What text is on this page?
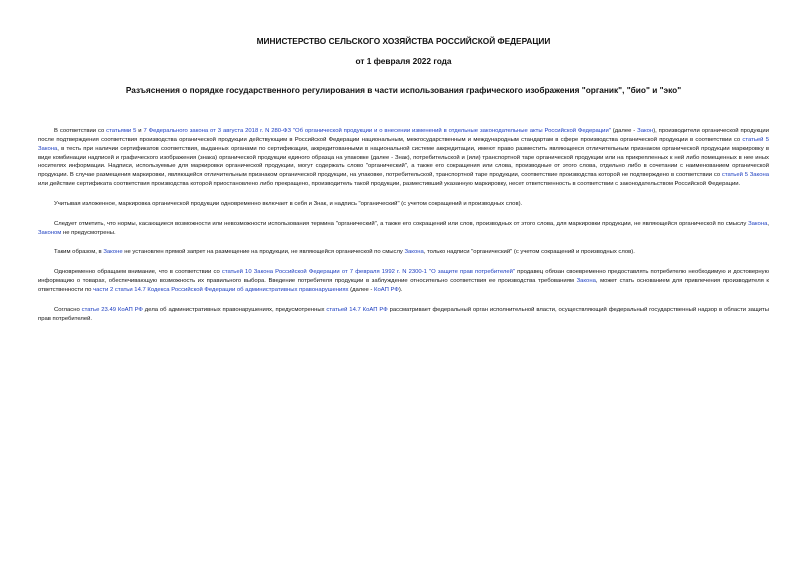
МИНИСТЕРСТВО СЕЛЬСКОГО ХОЗЯЙСТВА РОССИЙСКОЙ ФЕДЕРАЦИИ
от 1 февраля 2022 года
Разъяснения о порядке государственного регулирования в части использования графического изображения "органик", "био" и "эко"

В соответствии со статьями 5 и 7 Федерального закона от 3 августа 2018 г. N 280-ФЗ "Об органической продукции и о внесении изменений в отдельные законодательные акты Российской Федерации" (далее - Закон), производители органической продукции после подтверждения соответствия производства органической продукции действующим в Российской Федерации национальным, межгосударственным и международным стандартам в сфере производства органической продукции в соответствии со статьей 5 Закона, в тесть при наличии сертификатов соответствия, выданных органами по сертификации, аккредитованными в национальной системе аккредитации, имеют право разместить являющееся отличительным признаком органической продукции маркировку в виде комбинации надписей и графического изображения (знака) органической продукции единого образца на упаковке (далее - Знак), потребительской и (или) транспортной таре органической продукции или на прикрепленных к ней либо помещенных в нее иных носителях информации. Надписи, используемые для маркировки органической продукции, могут содержать слово "органический", а также его сокращения или слова, производные от этого слова, отдельно либо в сочетании с наименованием органической продукции. В случае размещения маркировки, являющейся отличительным признаком органической продукции, на упаковке, потребительской, транспортной таре продукции, соответствие производства которой не подтверждено в соответствии со статьей 5 Закона или действие сертификата соответствия производства которой приостановлено либо прекращено, производитель такой продукции, разместивший указанную маркировку, несет ответственность в соответствии с законодательством Российской Федерации.

Учитывая изложенное, маркировка органической продукции одновременно включает в себя и Знак, и надпись "органический" (с учетом сокращений и производных слов).

Следует отметить, что нормы, касающиеся возможности или невозможности использования термина "органический", а также его сокращений или слов, производных от этого слова, для маркировки продукции, не являющейся органической по смыслу Закона, Законом не предусмотрены.

Таким образом, в Законе не установлен прямой запрет на размещение на продукции, не являющейся органической по смыслу Закона, только надписи "органический" (с учетом сокращений и производных слов).

Одновременно обращаем внимание, что в соответствии со статьей 10 Закона Российской Федерации от 7 февраля 1992 г. N 2300-1 "О защите прав потребителей" продавец обязан своевременно предоставлять потребителю необходимую и достоверную информацию о товарах, обеспечивающую возможность их правильного выбора. Введение потребителя продукции в заблуждение относительно соответствия ее производства требованиям Закона, может стать основанием для привлечения производителя к ответственности по части 2 статьи 14.7 Кодекса Российской Федерации об административных правонарушениях (далее - КоАП РФ).

Согласно статье 23.49 КоАП РФ дела об административных правонарушениях, предусмотренных статьей 14.7 КоАП РФ рассматривает федеральный орган исполнительной власти, осуществляющий федеральный государственный надзор в области защиты прав потребителей.
